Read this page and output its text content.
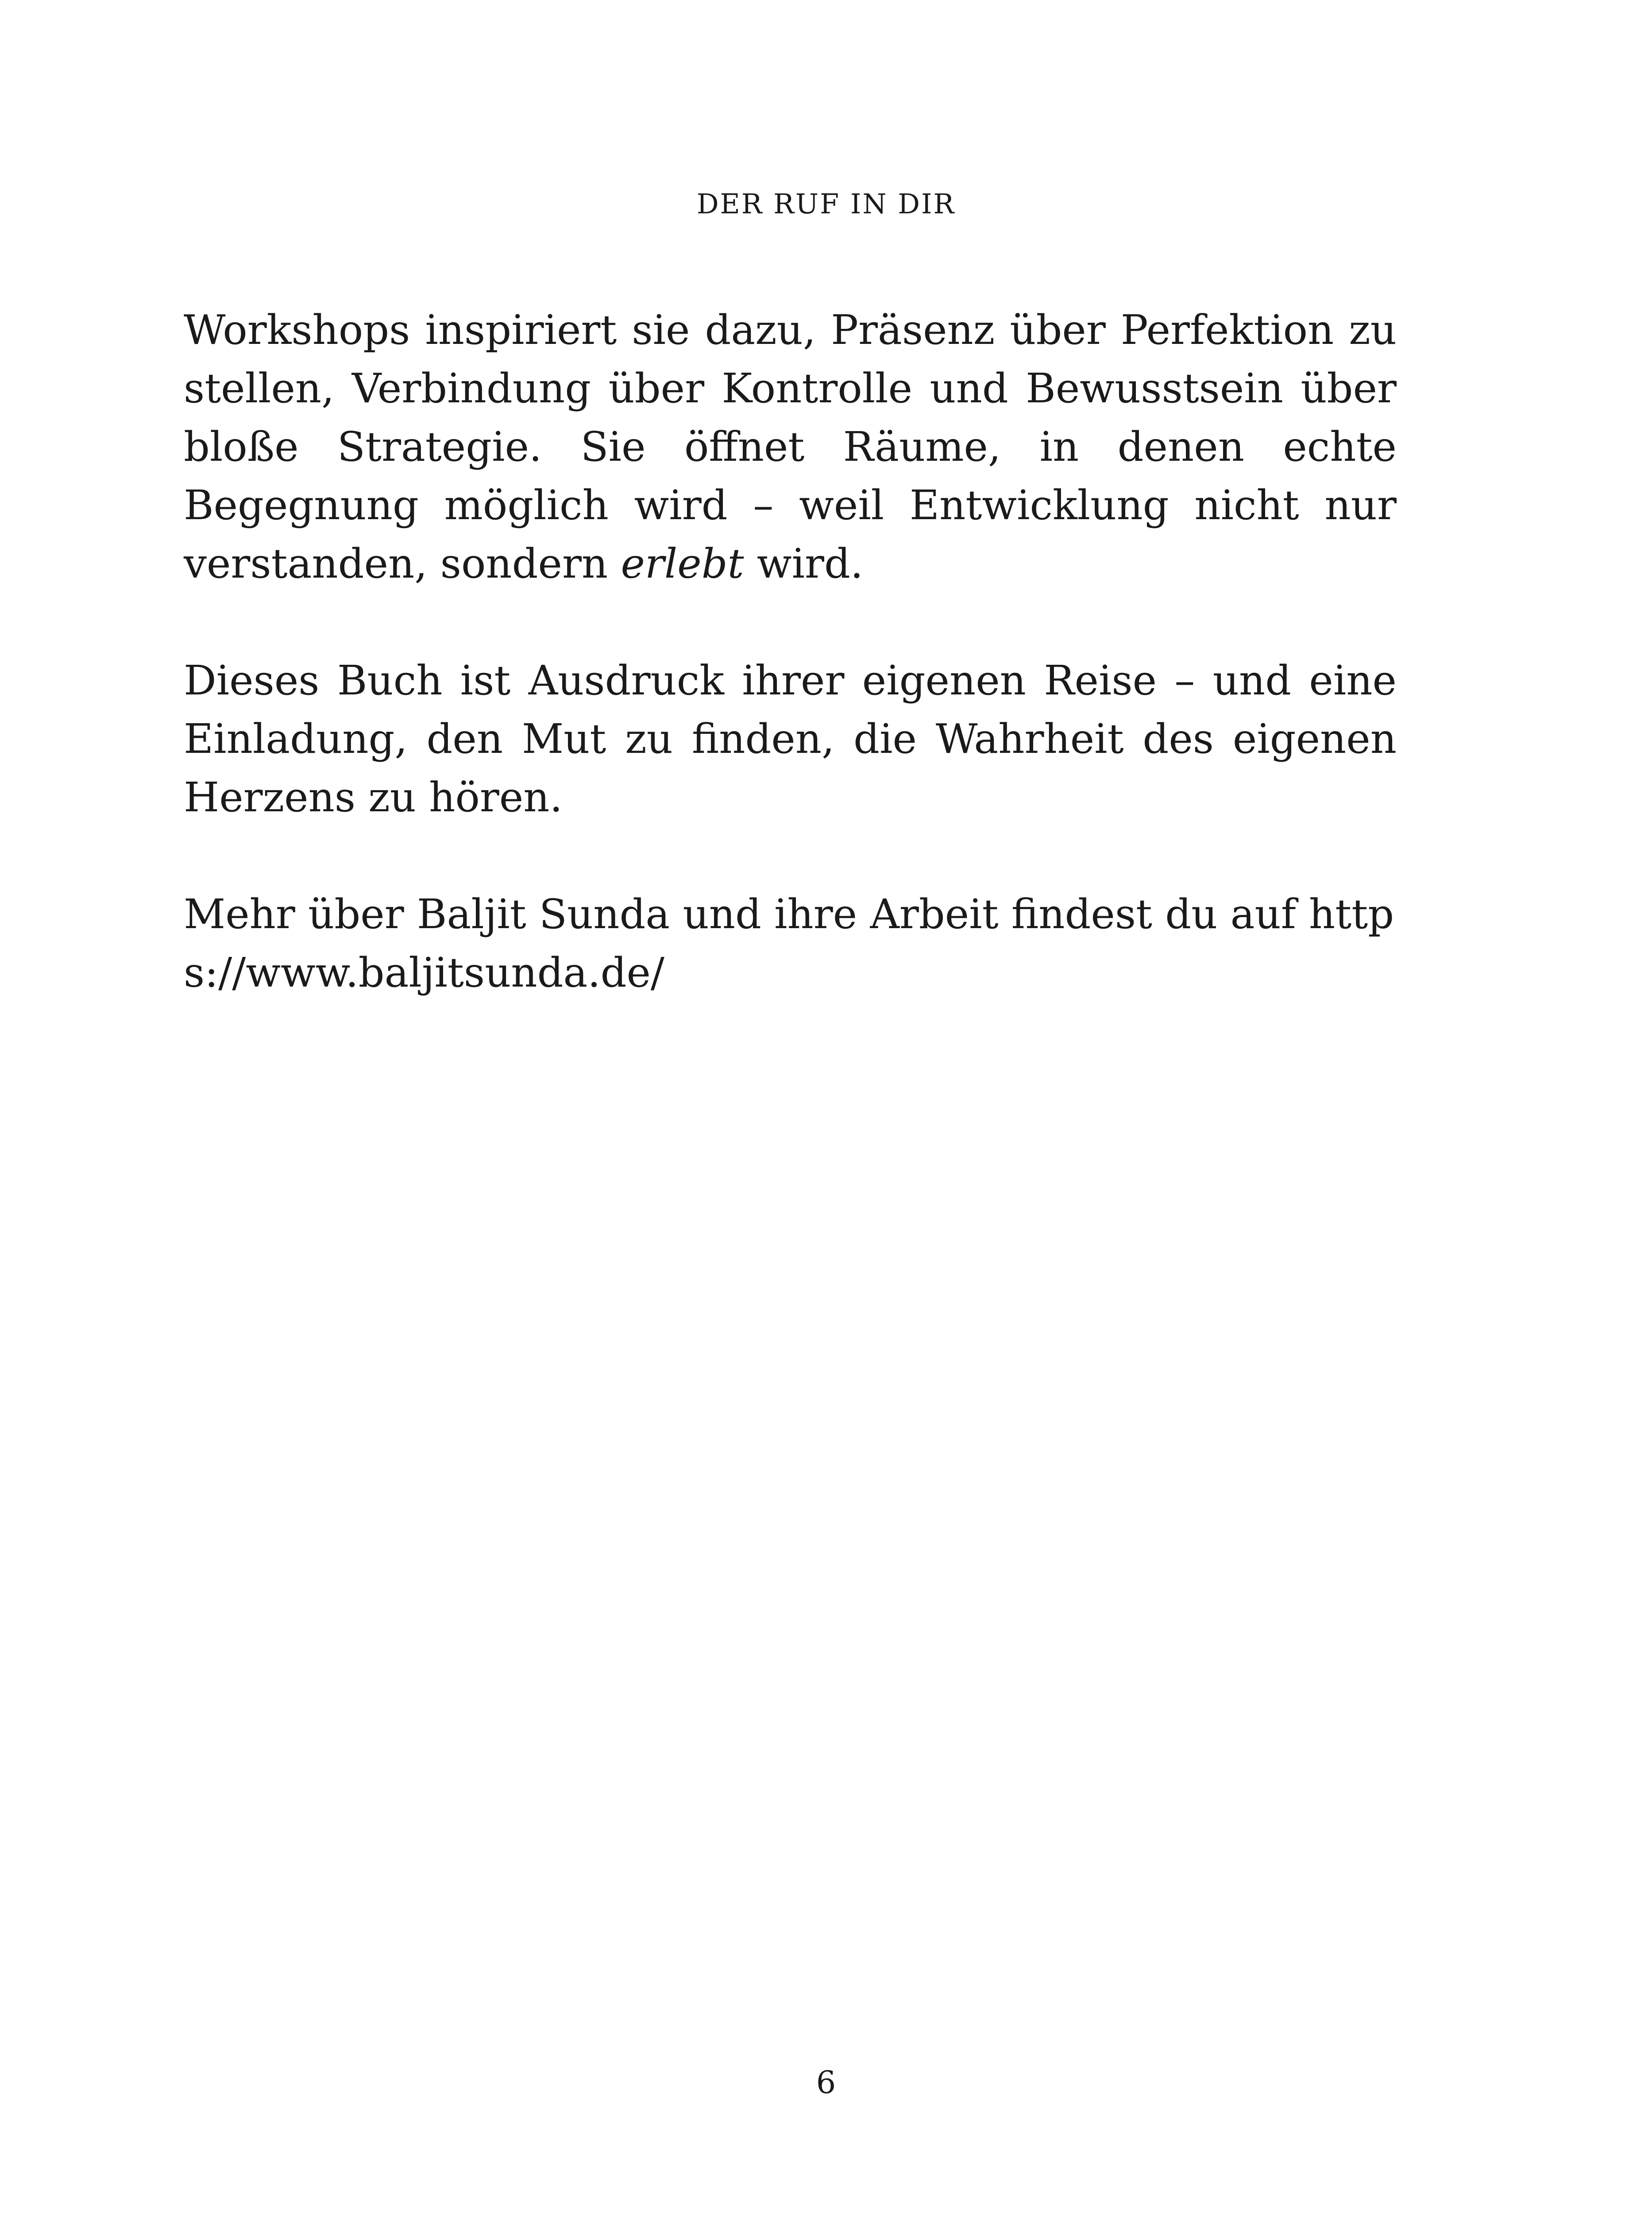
DER RUF IN DIR

Workshops inspiriert sie dazu, Präsenz über Perfektion zu stellen, Verbindung über Kontrolle und Bewusstsein über bloße Strategie. Sie öffnet Räume, in denen echte Begegnung möglich wird – weil Entwicklung nicht nur verstanden, sondern erlebt wird.

Dieses Buch ist Ausdruck ihrer eigenen Reise – und eine Einladung, den Mut zu finden, die Wahrheit des eigenen Herzens zu hören.

Mehr über Baljit Sunda und ihre Arbeit findest du auf https://www.baljitsunda.de/

6
